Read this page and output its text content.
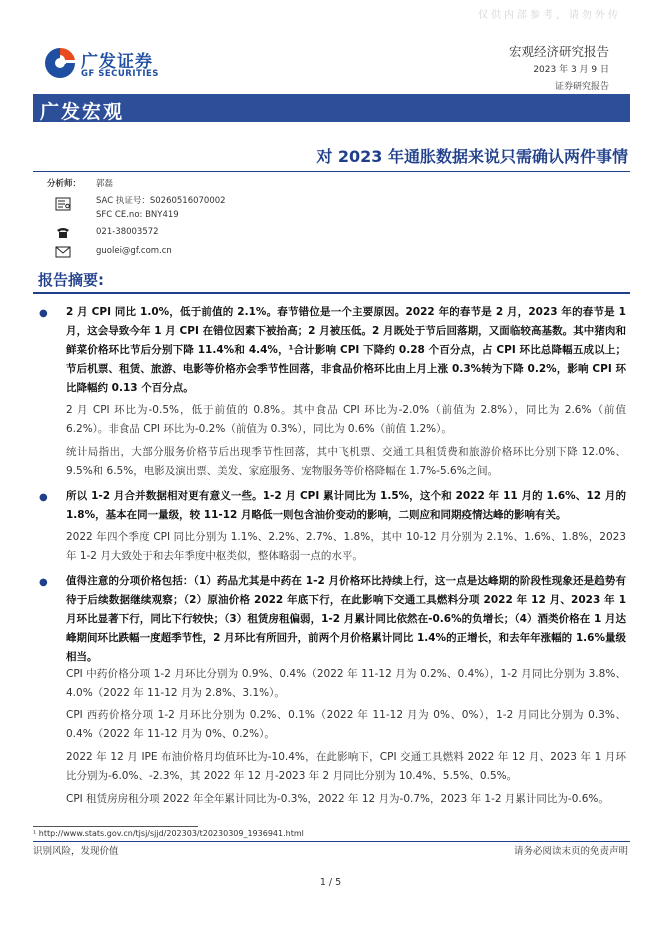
仅供内部参考，请勿外传
广发证券
GF SECURITIES
宏观经济研究报告
2023 年 3 月 9 日
证券研究报告
广发宏观
对 2023 年通胀数据来说只需确认两件事情
分析师： 郭磊
SAC 执证号：S0260516070002
SFC CE.no: BNY419
021-38003572
guolei@gf.com.cn
报告摘要:
● 2 月 CPI 同比 1.0%，低于前值的 2.1%。春节错位是一个主要原因。2022 年的春节是 2 月，2023 年的春节是 1 月，这会导致今年 1 月 CPI 在错位因素下被抬高；2 月被压低。2 月既处于节后回落期，又面临较高基数。其中猪肉和鲜菜价格环比节后分别下降 11.4%和 4.4%，¹合计影响 CPI 下降约 0.28 个百分点，占 CPI 环比总降幅五成以上；节后机票、租赁、旅游、电影等价格亦会季节性回落，非食品价格环比由上月上涨 0.3%转为下降 0.2%，影响 CPI 环比降幅约 0.13 个百分点。
2 月 CPI 环比为-0.5%，低于前值的 0.8%。其中食品 CPI 环比为-2.0%（前值为 2.8%），同比为 2.6%（前值 6.2%）。非食品 CPI 环比为-0.2%（前值为 0.3%），同比为 0.6%（前值 1.2%）。
统计局指出，大部分服务价格节后出现季节性回落，其中飞机票、交通工具租赁费和旅游价格环比分别下降 12.0%、9.5%和 6.5%，电影及演出票、美发、家庭服务、宠物服务等价格降幅在 1.7%-5.6%之间。
● 所以 1-2 月合并数据相对更有意义一些。1-2 月 CPI 累计同比为 1.5%，这个和 2022 年 11 月的 1.6%、12 月的 1.8%，基本在同一量级，较 11-12 月略低一则包含油价变动的影响，二则应和同期疫情达峰的影响有关。
2022 年四个季度 CPI 同比分别为 1.1%、2.2%、2.7%、1.8%，其中 10-12 月分别为 2.1%、1.6%、1.8%，2023 年 1-2 月大致处于和去年季度中枢类似，整体略弱一点的水平。
● 值得注意的分项价格包括：（1）药品尤其是中药在 1-2 月价格环比持续上行，这一点是达峰期的阶段性现象还是趋势有待于后续数据继续观察；（2）原油价格 2022 年底下行，在此影响下交通工具燃料分项 2022 年 12 月、2023 年 1 月环比显著下行，同比下行较快；（3）租赁房租偏弱，1-2 月累计同比依然在-0.6%的负增长；（4）酒类价格在 1 月达峰期间环比跌幅一度超季节性，2 月环比有所回升，前两个月价格累计同比 1.4%的正增长，和去年年涨幅的 1.6%量级相当。
CPI 中药价格分项 1-2 月环比分别为 0.9%、0.4%（2022 年 11-12 月为 0.2%、0.4%），1-2 月同比分别为 3.8%、4.0%（2022 年 11-12 月为 2.8%、3.1%）。
CPI 西药价格分项 1-2 月环比分别为 0.2%、0.1%（2022 年 11-12 月为 0%、0%），1-2 月同比分别为 0.3%、0.4%（2022 年 11-12 月为 0%、0.2%）。
2022 年 12 月 IPE 布油价格月均值环比为-10.4%，在此影响下，CPI 交通工具燃料 2022 年 12 月、2023 年 1 月环比分别为-6.0%、-2.3%，其 2022 年 12 月-2023 年 2 月同比分别为 10.4%、5.5%、0.5%。
CPI 租赁房房租分项 2022 年全年累计同比为-0.3%，2022 年 12 月为-0.7%，2023 年 1-2 月累计同比为-0.6%。
¹ http://www.stats.gov.cn/tjsj/sjjd/202303/t20230309_1936941.html
识别风险，发现价值	请务必阅读末页的免责声明
1 / 5
